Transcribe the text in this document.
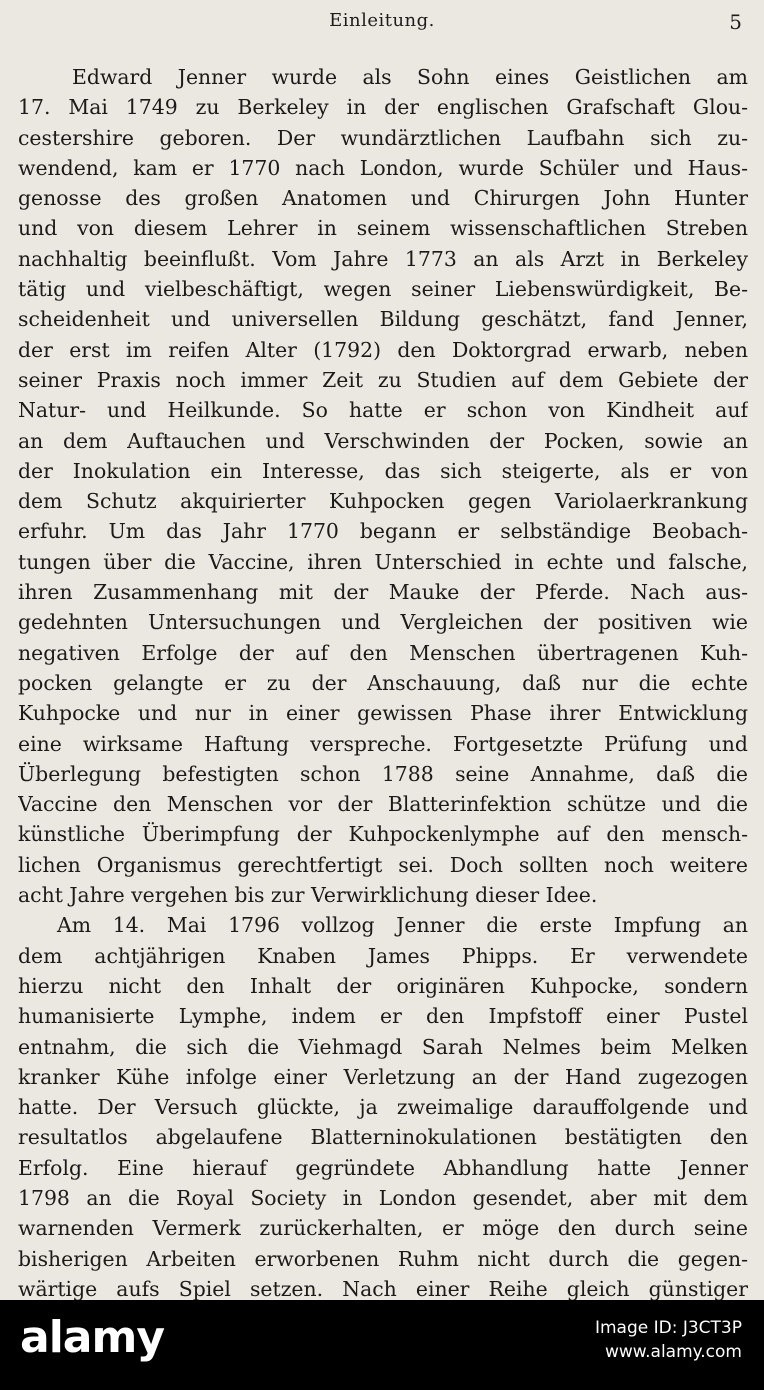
Einleitung.	5
Edward Jenner wurde als Sohn eines Geistlichen am
17. Mai 1749 zu Berkeley in der englischen Grafschaft Glou-
cestershire geboren. Der wundärztlichen Laufbahn sich zu-
wendend, kam er 1770 nach London, wurde Schüler und Haus-
genosse des großen Anatomen und Chirurgen John Hunter
und von diesem Lehrer in seinem wissenschaftlichen Streben
nachhaltig beeinflußt. Vom Jahre 1773 an als Arzt in Berkeley
tätig und vielbeschäftigt, wegen seiner Liebenswürdigkeit, Be-
scheidenheit und universellen Bildung geschätzt, fand Jenner,
der erst im reifen Alter (1792) den Doktorgrad erwarb, neben
seiner Praxis noch immer Zeit zu Studien auf dem Gebiete der
Natur- und Heilkunde. So hatte er schon von Kindheit auf
an dem Auftauchen und Verschwinden der Pocken, sowie an
der Inokulation ein Interesse, das sich steigerte, als er von
dem Schutz akquirierter Kuhpocken gegen Variolaerkrankung
erfuhr. Um das Jahr 1770 begann er selbständige Beobach-
tungen über die Vaccine, ihren Unterschied in echte und falsche,
ihren Zusammenhang mit der Mauke der Pferde. Nach aus-
gedehnten Untersuchungen und Vergleichen der positiven wie
negativen Erfolge der auf den Menschen übertragenen Kuh-
pocken gelangte er zu der Anschauung, daß nur die echte
Kuhpocke und nur in einer gewissen Phase ihrer Entwicklung
eine wirksame Haftung verspreche. Fortgesetzte Prüfung und
Überlegung befestigten schon 1788 seine Annahme, daß die
Vaccine den Menschen vor der Blatterinfektion schütze und die
künstliche Überimpfung der Kuhpockenlymphe auf den mensch-
lichen Organismus gerechtfertigt sei. Doch sollten noch weitere
acht Jahre vergehen bis zur Verwirklichung dieser Idee.
Am 14. Mai 1796 vollzog Jenner die erste Impfung an
dem achtjährigen Knaben James Phipps. Er verwendete
hierzu nicht den Inhalt der originären Kuhpocke, sondern
humanisierte Lymphe, indem er den Impfstoff einer Pustel
entnahm, die sich die Viehmagd Sarah Nelmes beim Melken
kranker Kühe infolge einer Verletzung an der Hand zugezogen
hatte. Der Versuch glückte, ja zweimalige darauffolgende und
resultatlos abgelaufene Blatterninokulationen bestätigten den
Erfolg. Eine hierauf gegründete Abhandlung hatte Jenner
1798 an die Royal Society in London gesendet, aber mit dem
warnenden Vermerk zurückerhalten, er möge den durch seine
bisherigen Arbeiten erworbenen Ruhm nicht durch die gegen-
wärtige aufs Spiel setzen. Nach einer Reihe gleich günstiger
alamy	Image ID: J3CT3P
www.alamy.com
